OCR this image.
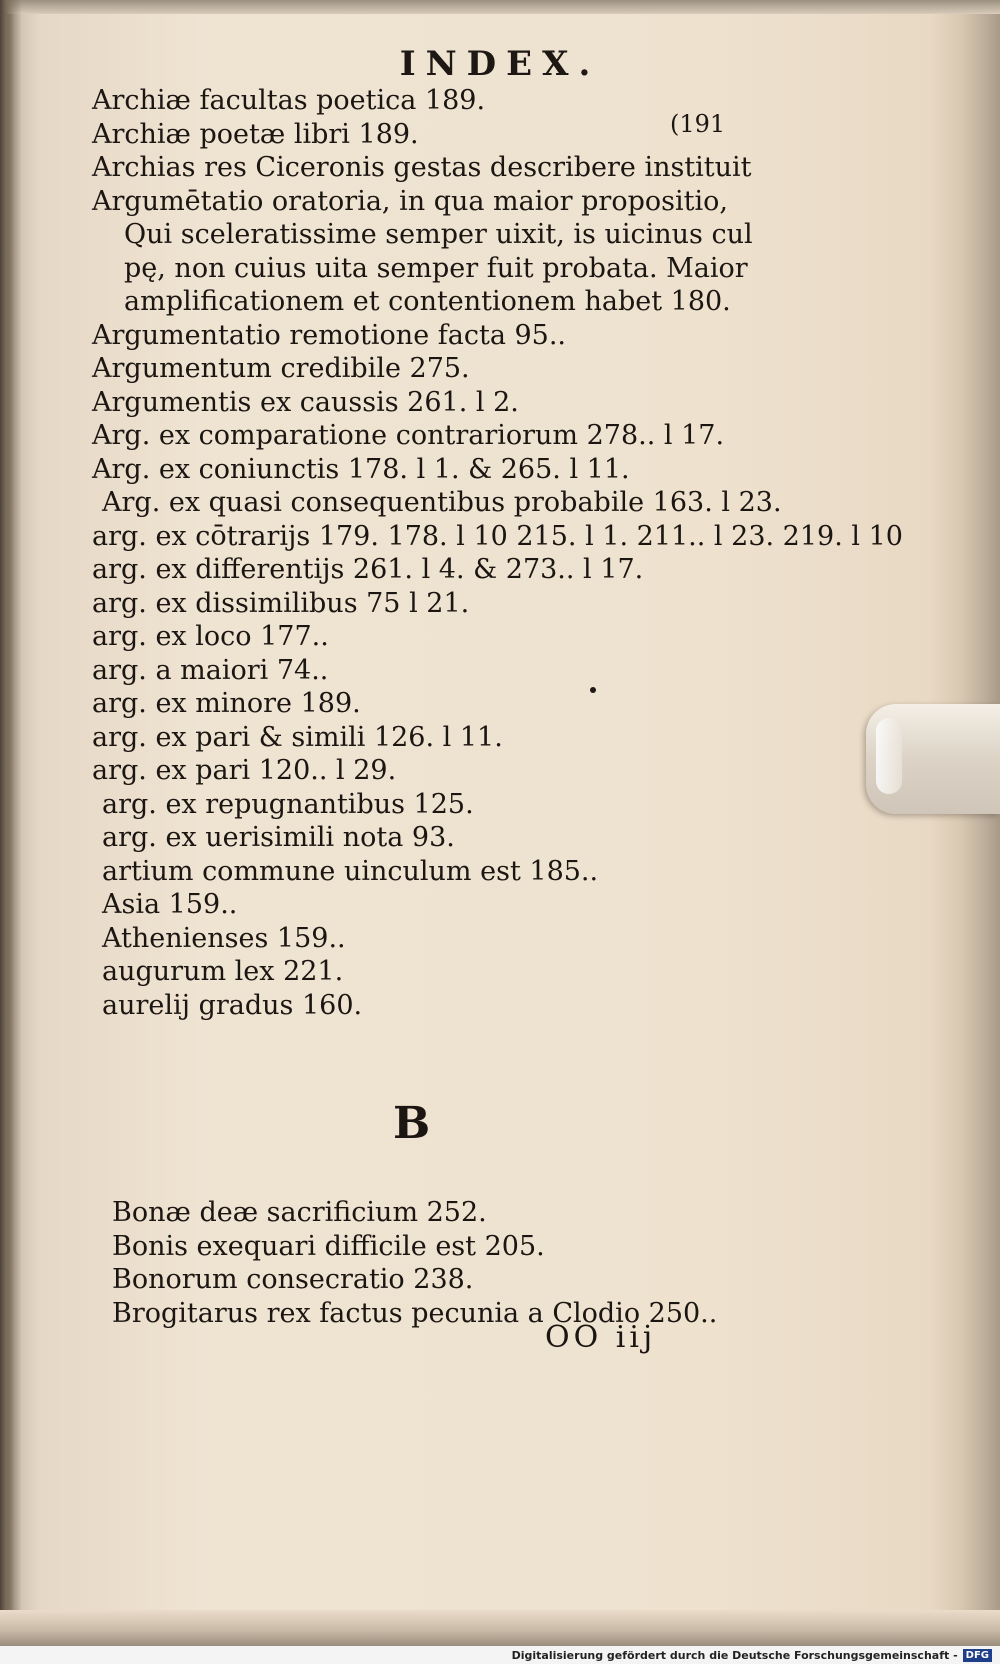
INDEX.
(191
Archiæ facultas poetica 189.
Archiæ poetæ libri 189.
Archias res Ciceronis gestas describere instituit
Argumētatio oratoria, in qua maior propositio,
Qui sceleratissime semper uixit, is uicinus cul
pę, non cuius uita semper fuit probata. Maior
amplificationem et contentionem habet 180.
Argumentatio remotione facta 95..
Argumentum credibile 275.
Argumentis ex caussis 261. l 2.
Arg. ex comparatione contrariorum 278.. l 17.
Arg. ex coniunctis 178. l 1. & 265. l 11.
Arg. ex quasi consequentibus probabile 163. l 23.
arg. ex cōtrarijs 179. 178. l 10 215. l 1. 211.. l 23. 219. l 10
arg. ex differentijs 261. l 4. & 273.. l 17.
arg. ex dissimilibus 75 l 21.
arg. ex loco 177..
arg. a maiori 74..
arg. ex minore 189.
arg. ex pari & simili 126. l 11.
arg. ex pari 120.. l 29.
arg. ex repugnantibus 125.
arg. ex uerisimili nota 93.
artium commune uinculum est 185..
Asia 159..
Athenienses 159..
augurum lex 221.
aurelij gradus 160.
B
Bonæ deæ sacrificium 252.
Bonis exequari difficile est 205.
Bonorum consecratio 238.
Brogitarus rex factus pecunia a Clodio 250..
OO iij
Digitalisierung gefördert durch die Deutsche Forschungsgemeinschaft - DFG
